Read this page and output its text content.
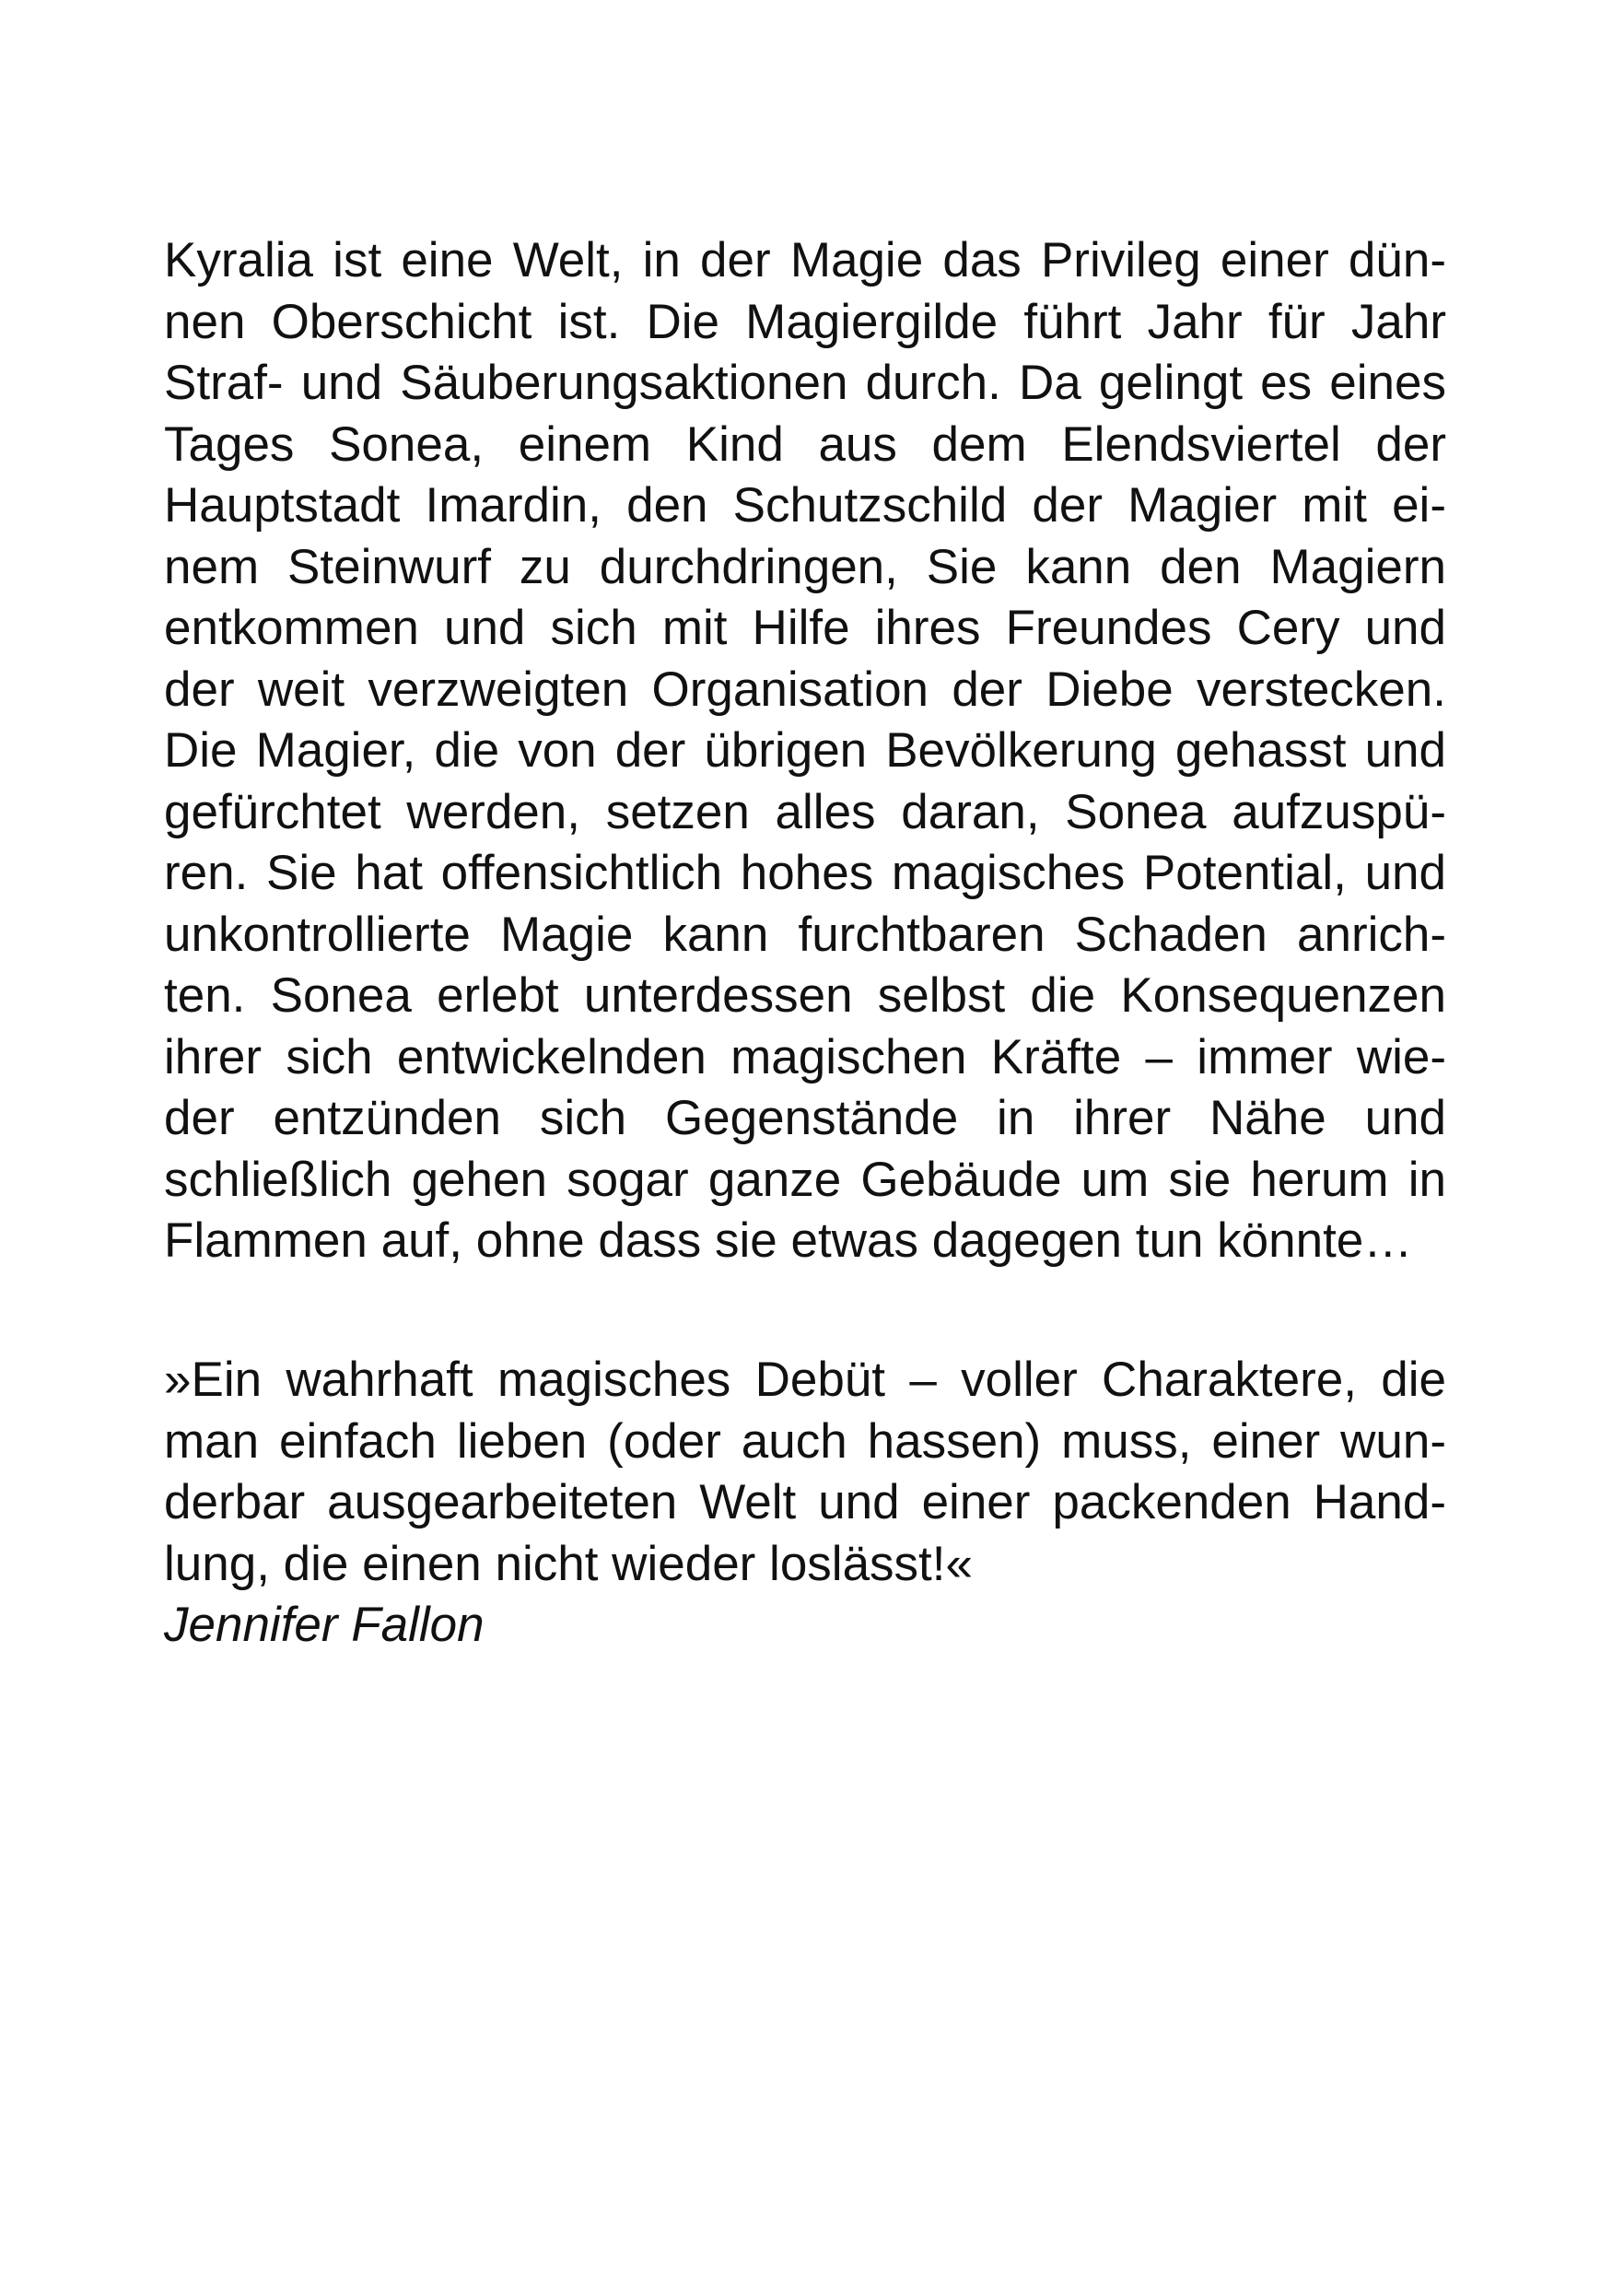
Kyralia ist eine Welt, in der Magie das Privileg einer dün-
nen Oberschicht ist. Die Magiergilde führt Jahr für Jahr
Straf- und Säuberungsaktionen durch. Da gelingt es eines
Tages Sonea, einem Kind aus dem Elendsviertel der
Hauptstadt Imardin, den Schutzschild der Magier mit ei-
nem Steinwurf zu durchdringen, Sie kann den Magiern
entkommen und sich mit Hilfe ihres Freundes Cery und
der weit verzweigten Organisation der Diebe verstecken.
Die Magier, die von der übrigen Bevölkerung gehasst und
gefürchtet werden, setzen alles daran, Sonea aufzuspü-
ren. Sie hat offensichtlich hohes magisches Potential, und
unkontrollierte Magie kann furchtbaren Schaden anrich-
ten. Sonea erlebt unterdessen selbst die Konsequenzen
ihrer sich entwickelnden magischen Kräfte – immer wie-
der entzünden sich Gegenstände in ihrer Nähe und
schließlich gehen sogar ganze Gebäude um sie herum in
Flammen auf, ohne dass sie etwas dagegen tun könnte…
»Ein wahrhaft magisches Debüt – voller Charaktere, die
man einfach lieben (oder auch hassen) muss, einer wun-
derbar ausgearbeiteten Welt und einer packenden Hand-
lung, die einen nicht wieder loslässt!«
Jennifer Fallon
